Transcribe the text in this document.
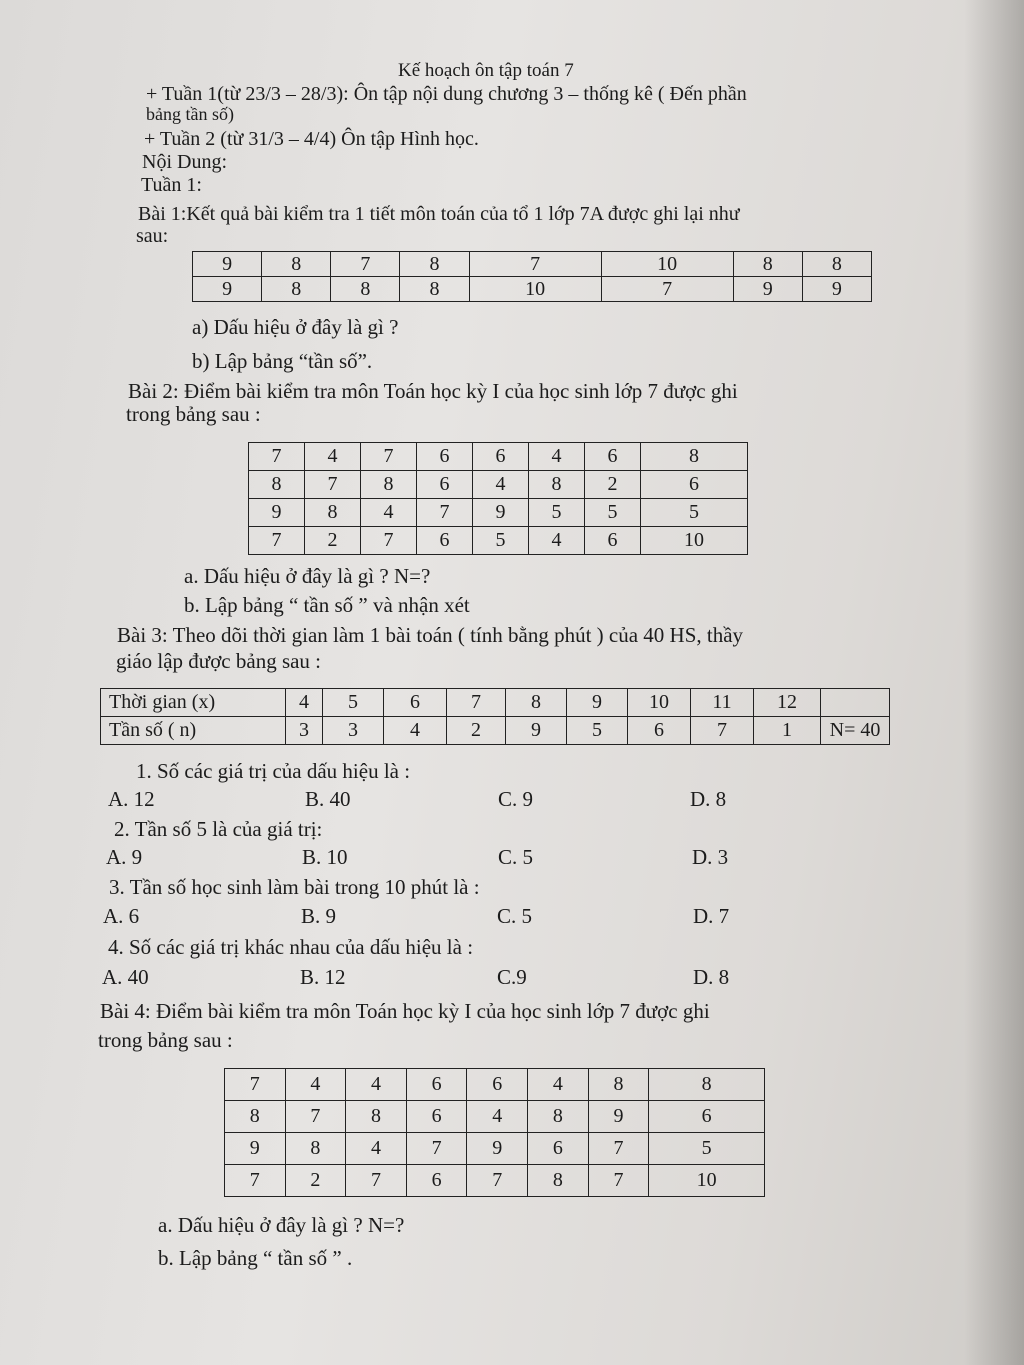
Kế hoạch ôn tập toán 7
+ Tuần 1(từ 23/3 – 28/3): Ôn tập nội dung chương 3 – thống kê ( Đến phần
bảng tần số)
+ Tuần 2 (từ 31/3 – 4/4) Ôn tập Hình học.
Nội Dung:
Tuần 1:
Bài 1:Kết quả bài kiểm tra 1 tiết môn toán của tổ 1 lớp 7A được ghi lại như
sau:
9	8	7	8	7	10	8	8
9	8	8	8	10	7	9	9
a) Dấu hiệu ở đây là gì ?
b) Lập bảng “tần số”.
Bài 2: Điểm bài kiểm tra môn Toán học kỳ I của học sinh lớp 7 được ghi
trong bảng sau :
7	4	7	6	6	4	6	8
8	7	8	6	4	8	2	6
9	8	4	7	9	5	5	5
7	2	7	6	5	4	6	10
a. Dấu hiệu ở đây là gì ? N=?
b. Lập bảng “ tần số ” và nhận xét
Bài 3: Theo dõi thời gian làm 1 bài toán ( tính bằng phút ) của 40 HS, thầy
giáo lập được bảng sau :
Thời gian (x)	4	5	6	7	8	9	10	11	12	
Tần số ( n)	3	3	4	2	9	5	6	7	1	N= 40
1. Số các giá trị của dấu hiệu là :
A. 12	B. 40	C. 9	D. 8
2. Tần số 5 là của giá trị:
A. 9	B. 10	C. 5	D. 3
3. Tần số học sinh làm bài trong 10 phút là :
A. 6	B. 9	C. 5	D. 7
4. Số các giá trị khác nhau của dấu hiệu là :
A. 40	B. 12	C.9	D. 8
Bài 4: Điểm bài kiểm tra môn Toán học kỳ I của học sinh lớp 7 được ghi
trong bảng sau :
7	4	4	6	6	4	8	8
8	7	8	6	4	8	9	6
9	8	4	7	9	6	7	5
7	2	7	6	7	8	7	10
a. Dấu hiệu ở đây là gì ? N=?
b. Lập bảng “ tần số ” .
